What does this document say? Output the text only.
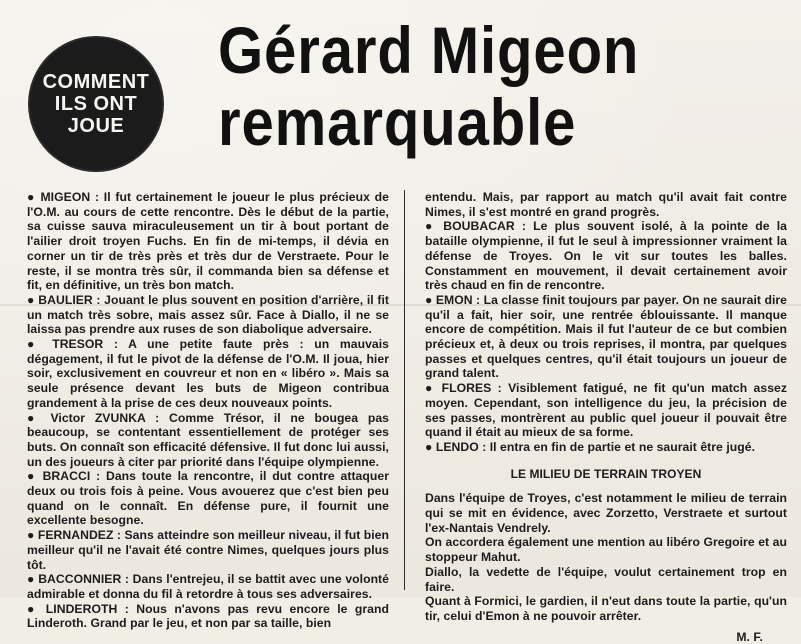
COMMENT
ILS ONT
JOUE
Gérard Migeon
remarquable

● MIGEON : Il fut certainement le joueur le plus précieux de l'O.M. au cours de cette rencontre. Dès le début de la partie, sa cuisse sauva miraculeusement un tir à bout portant de l'ailier droit troyen Fuchs. En fin de mi-temps, il dévia en corner un tir de très près et très dur de Verstraete. Pour le reste, il se montra très sûr, il commanda bien sa défense et fit, en définitive, un très bon match.

● BAULIER : Jouant le plus souvent en position d'arrière, il fit un match très sobre, mais assez sûr. Face à Diallo, il ne se laissa pas prendre aux ruses de son diabolique adversaire.

● TRESOR : A une petite faute près : un mauvais dégagement, il fut le pivot de la défense de l'O.M. Il joua, hier soir, exclusivement en couvreur et non en « libéro ». Mais sa seule présence devant les buts de Migeon contribua grandement à la prise de ces deux nouveaux points.

● Victor ZVUNKA : Comme Trésor, il ne bougea pas beaucoup, se contentant essentiellement de protéger ses buts. On connaît son efficacité défensive. Il fut donc lui aussi, un des joueurs à citer par priorité dans l'équipe olympienne.

● BRACCI : Dans toute la rencontre, il dut contre attaquer deux ou trois fois à peine. Vous avouerez que c'est bien peu quand on le connaît. En défense pure, il fournit une excellente besogne.

● FERNANDEZ : Sans atteindre son meilleur niveau, il fut bien meilleur qu'il ne l'avait été contre Nimes, quelques jours plus tôt.

● BACCONNIER : Dans l'entrejeu, il se battit avec une volonté admirable et donna du fil à retordre à tous ses adversaires.

● LINDEROTH : Nous n'avons pas revu encore le grand Linderoth. Grand par le jeu, et non par sa taille, bien

entendu. Mais, par rapport au match qu'il avait fait contre Nimes, il s'est montré en grand progrès.

● BOUBACAR : Le plus souvent isolé, à la pointe de la bataille olympienne, il fut le seul à impressionner vraiment la défense de Troyes. On le vit sur toutes les balles. Constamment en mouvement, il devait certainement avoir très chaud en fin de rencontre.

● EMON : La classe finit toujours par payer. On ne saurait dire qu'il a fait, hier soir, une rentrée éblouissante. Il manque encore de compétition. Mais il fut l'auteur de ce but combien précieux et, à deux ou trois reprises, il montra, par quelques passes et quelques centres, qu'il était toujours un joueur de grand talent.

● FLORES : Visiblement fatigué, ne fit qu'un match assez moyen. Cependant, son intelligence du jeu, la précision de ses passes, montrèrent au public quel joueur il pouvait être quand il était au mieux de sa forme.

● LENDO : Il entra en fin de partie et ne saurait être jugé.

LE MILIEU DE TERRAIN TROYEN

Dans l'équipe de Troyes, c'est notamment le milieu de terrain qui se mit en évidence, avec Zorzetto, Verstraete et surtout l'ex-Nantais Vendrely.

On accordera également une mention au libéro Gregoire et au stoppeur Mahut.

Diallo, la vedette de l'équipe, voulut certainement trop en faire.

Quant à Formici, le gardien, il n'eut dans toute la partie, qu'un tir, celui d'Emon à ne pouvoir arrêter.

M. F.
